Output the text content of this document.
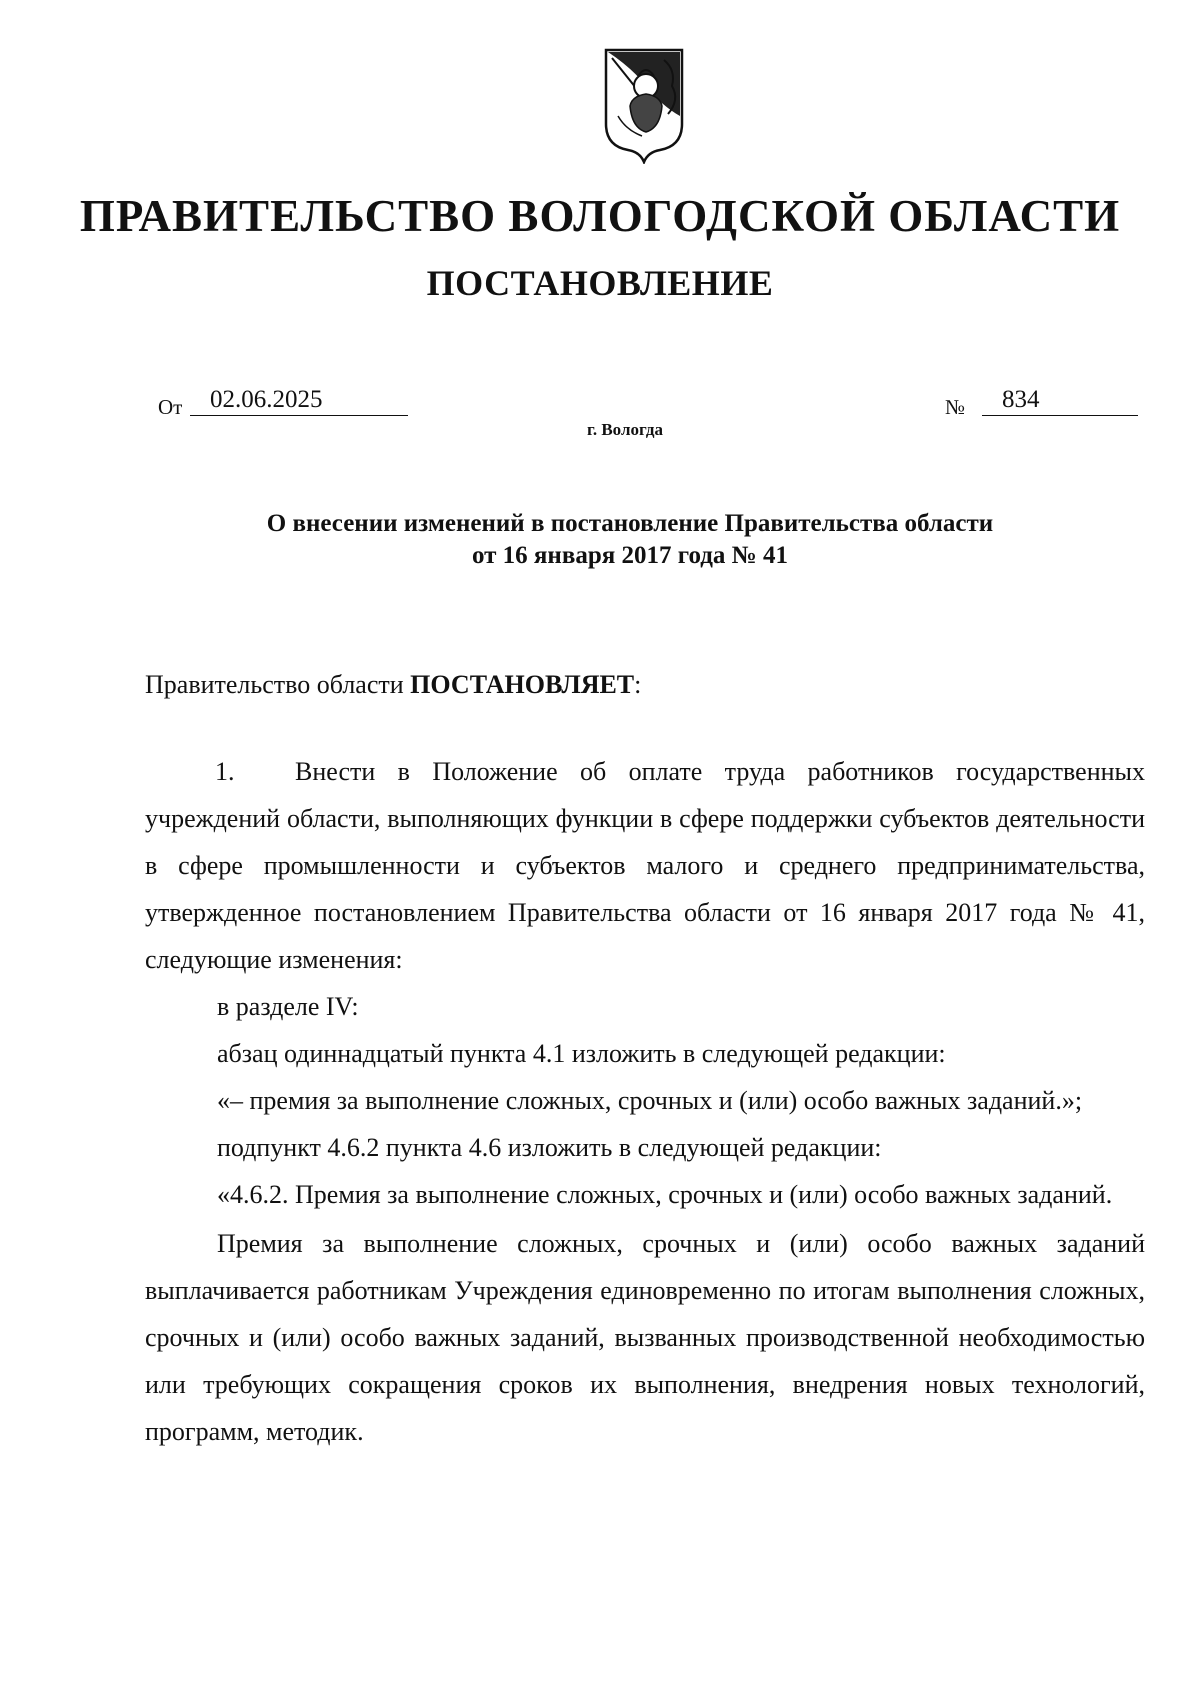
ПРАВИТЕЛЬСТВО ВОЛОГОДСКОЙ ОБЛАСТИ
ПОСТАНОВЛЕНИЕ
От	02.06.2025	№	834
г. Вологда
О внесении изменений в постановление Правительства области
от 16 января 2017 года № 41

Правительство области ПОСТАНОВЛЯЕТ:

1. Внести в Положение об оплате труда работников государственных учреждений области, выполняющих функции в сфере поддержки субъектов деятельности в сфере промышленности и субъектов малого и среднего предпринимательства, утвержденное постановлением Правительства области от 16 января 2017 года № 41, следующие изменения:

в разделе IV:

абзац одиннадцатый пункта 4.1 изложить в следующей редакции:

«– премия за выполнение сложных, срочных и (или) особо важных заданий.»;

подпункт 4.6.2 пункта 4.6 изложить в следующей редакции:

«4.6.2. Премия за выполнение сложных, срочных и (или) особо важных заданий.

Премия за выполнение сложных, срочных и (или) особо важных заданий выплачивается работникам Учреждения единовременно по итогам выполнения сложных, срочных и (или) особо важных заданий, вызванных производственной необходимостью или требующих сокращения сроков их выполнения, внедрения новых технологий, программ, методик.
